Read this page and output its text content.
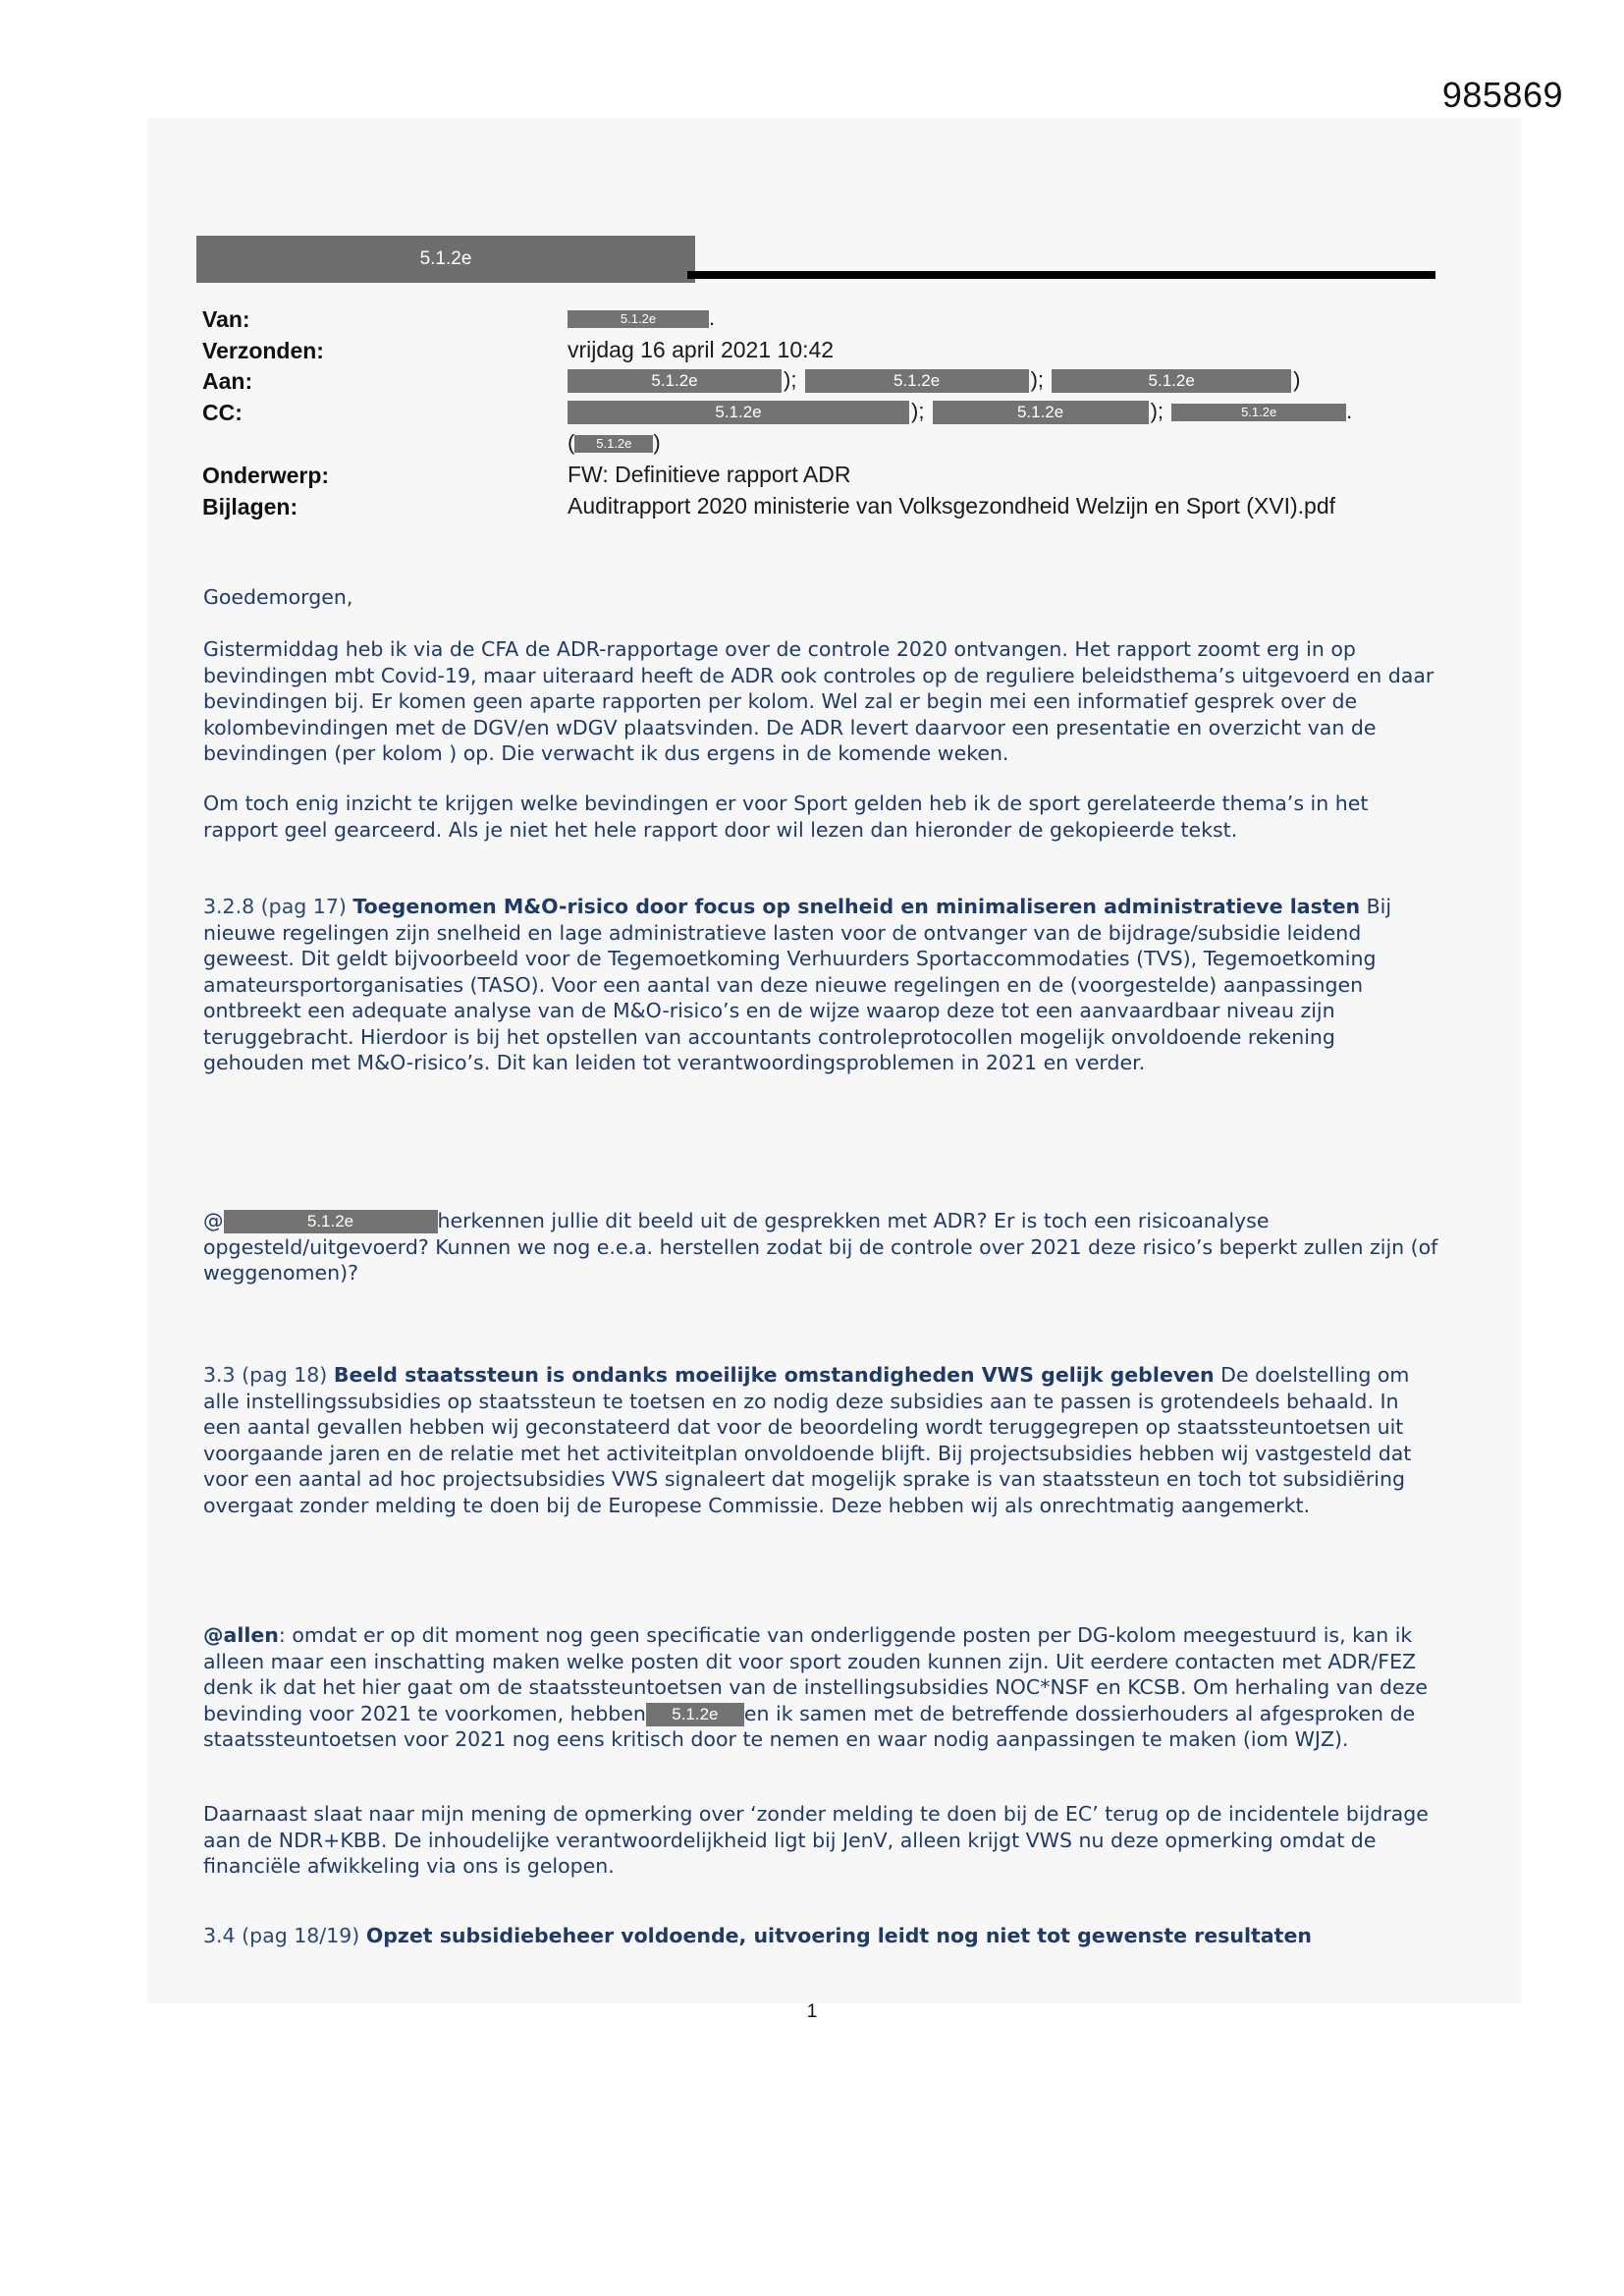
985869
5.1.2e
Van:	5.1.2e .
Verzonden:	vrijdag 16 april 2021 10:42
Aan:	5.1.2e	);	5.1.2e	);	5.1.2e	)
CC:	5.1.2e	);	5.1.2e	);	5.1.2e	.
( 5.1.2e )
Onderwerp:	FW: Definitieve rapport ADR
Bijlagen:	Auditrapport 2020 ministerie van Volksgezondheid Welzijn en Sport (XVI).pdf

Goedemorgen,

Gistermiddag heb ik via de CFA de ADR-rapportage over de controle 2020 ontvangen. Het rapport zoomt erg in op bevindingen mbt Covid-19, maar uiteraard heeft de ADR ook controles op de reguliere beleidsthema’s uitgevoerd en daar bevindingen bij. Er komen geen aparte rapporten per kolom. Wel zal er begin mei een informatief gesprek over de kolombevindingen met de DGV/en wDGV plaatsvinden. De ADR levert daarvoor een presentatie en overzicht van de bevindingen (per kolom ) op. Die verwacht ik dus ergens in de komende weken.
Om toch enig inzicht te krijgen welke bevindingen er voor Sport gelden heb ik de sport gerelateerde thema’s in het rapport geel gearceerd. Als je niet het hele rapport door wil lezen dan hieronder de gekopieerde tekst.
3.2.8 (pag 17) Toegenomen M&O-risico door focus op snelheid en minimaliseren administratieve lasten Bij nieuwe regelingen zijn snelheid en lage administratieve lasten voor de ontvanger van de bijdrage/subsidie leidend geweest. Dit geldt bijvoorbeeld voor de Tegemoetkoming Verhuurders Sportaccommodaties (TVS), Tegemoetkoming amateursportorganisaties (TASO). Voor een aantal van deze nieuwe regelingen en de (voorgestelde) aanpassingen ontbreekt een adequate analyse van de M&O-risico’s en de wijze waarop deze tot een aanvaardbaar niveau zijn teruggebracht. Hierdoor is bij het opstellen van accountants controleprotocollen mogelijk onvoldoende rekening gehouden met M&O-risico’s. Dit kan leiden tot verantwoordingsproblemen in 2021 en verder.
@	5.1.2e	herkennen jullie dit beeld uit de gesprekken met ADR? Er is toch een risicoanalyse opgesteld/uitgevoerd? Kunnen we nog e.e.a. herstellen zodat bij de controle over 2021 deze risico’s beperkt zullen zijn (of weggenomen)?
3.3 (pag 18) Beeld staatssteun is ondanks moeilijke omstandigheden VWS gelijk gebleven De doelstelling om alle instellingssubsidies op staatssteun te toetsen en zo nodig deze subsidies aan te passen is grotendeels behaald. In een aantal gevallen hebben wij geconstateerd dat voor de beoordeling wordt teruggegrepen op staatssteuntoetsen uit voorgaande jaren en de relatie met het activiteitplan onvoldoende blijft. Bij projectsubsidies hebben wij vastgesteld dat voor een aantal ad hoc projectsubsidies VWS signaleert dat mogelijk sprake is van staatssteun en toch tot subsidiëring overgaat zonder melding te doen bij de Europese Commissie. Deze hebben wij als onrechtmatig aangemerkt.
@allen: omdat er op dit moment nog geen specificatie van onderliggende posten per DG-kolom meegestuurd is, kan ik alleen maar een inschatting maken welke posten dit voor sport zouden kunnen zijn. Uit eerdere contacten met ADR/FEZ denk ik dat het hier gaat om de staatssteuntoetsen van de instellingsubsidies NOC*NSF en KCSB. Om herhaling van deze bevinding voor 2021 te voorkomen, hebben 5.1.2e en ik samen met de betreffende dossierhouders al afgesproken de staatssteuntoetsen voor 2021 nog eens kritisch door te nemen en waar nodig aanpassingen te maken (iom WJZ).
Daarnaast slaat naar mijn mening de opmerking over ‘zonder melding te doen bij de EC’ terug op de incidentele bijdrage aan de NDR+KBB. De inhoudelijke verantwoordelijkheid ligt bij JenV, alleen krijgt VWS nu deze opmerking omdat de financiële afwikkeling via ons is gelopen.
3.4 (pag 18/19) Opzet subsidiebeheer voldoende, uitvoering leidt nog niet tot gewenste resultaten
1
